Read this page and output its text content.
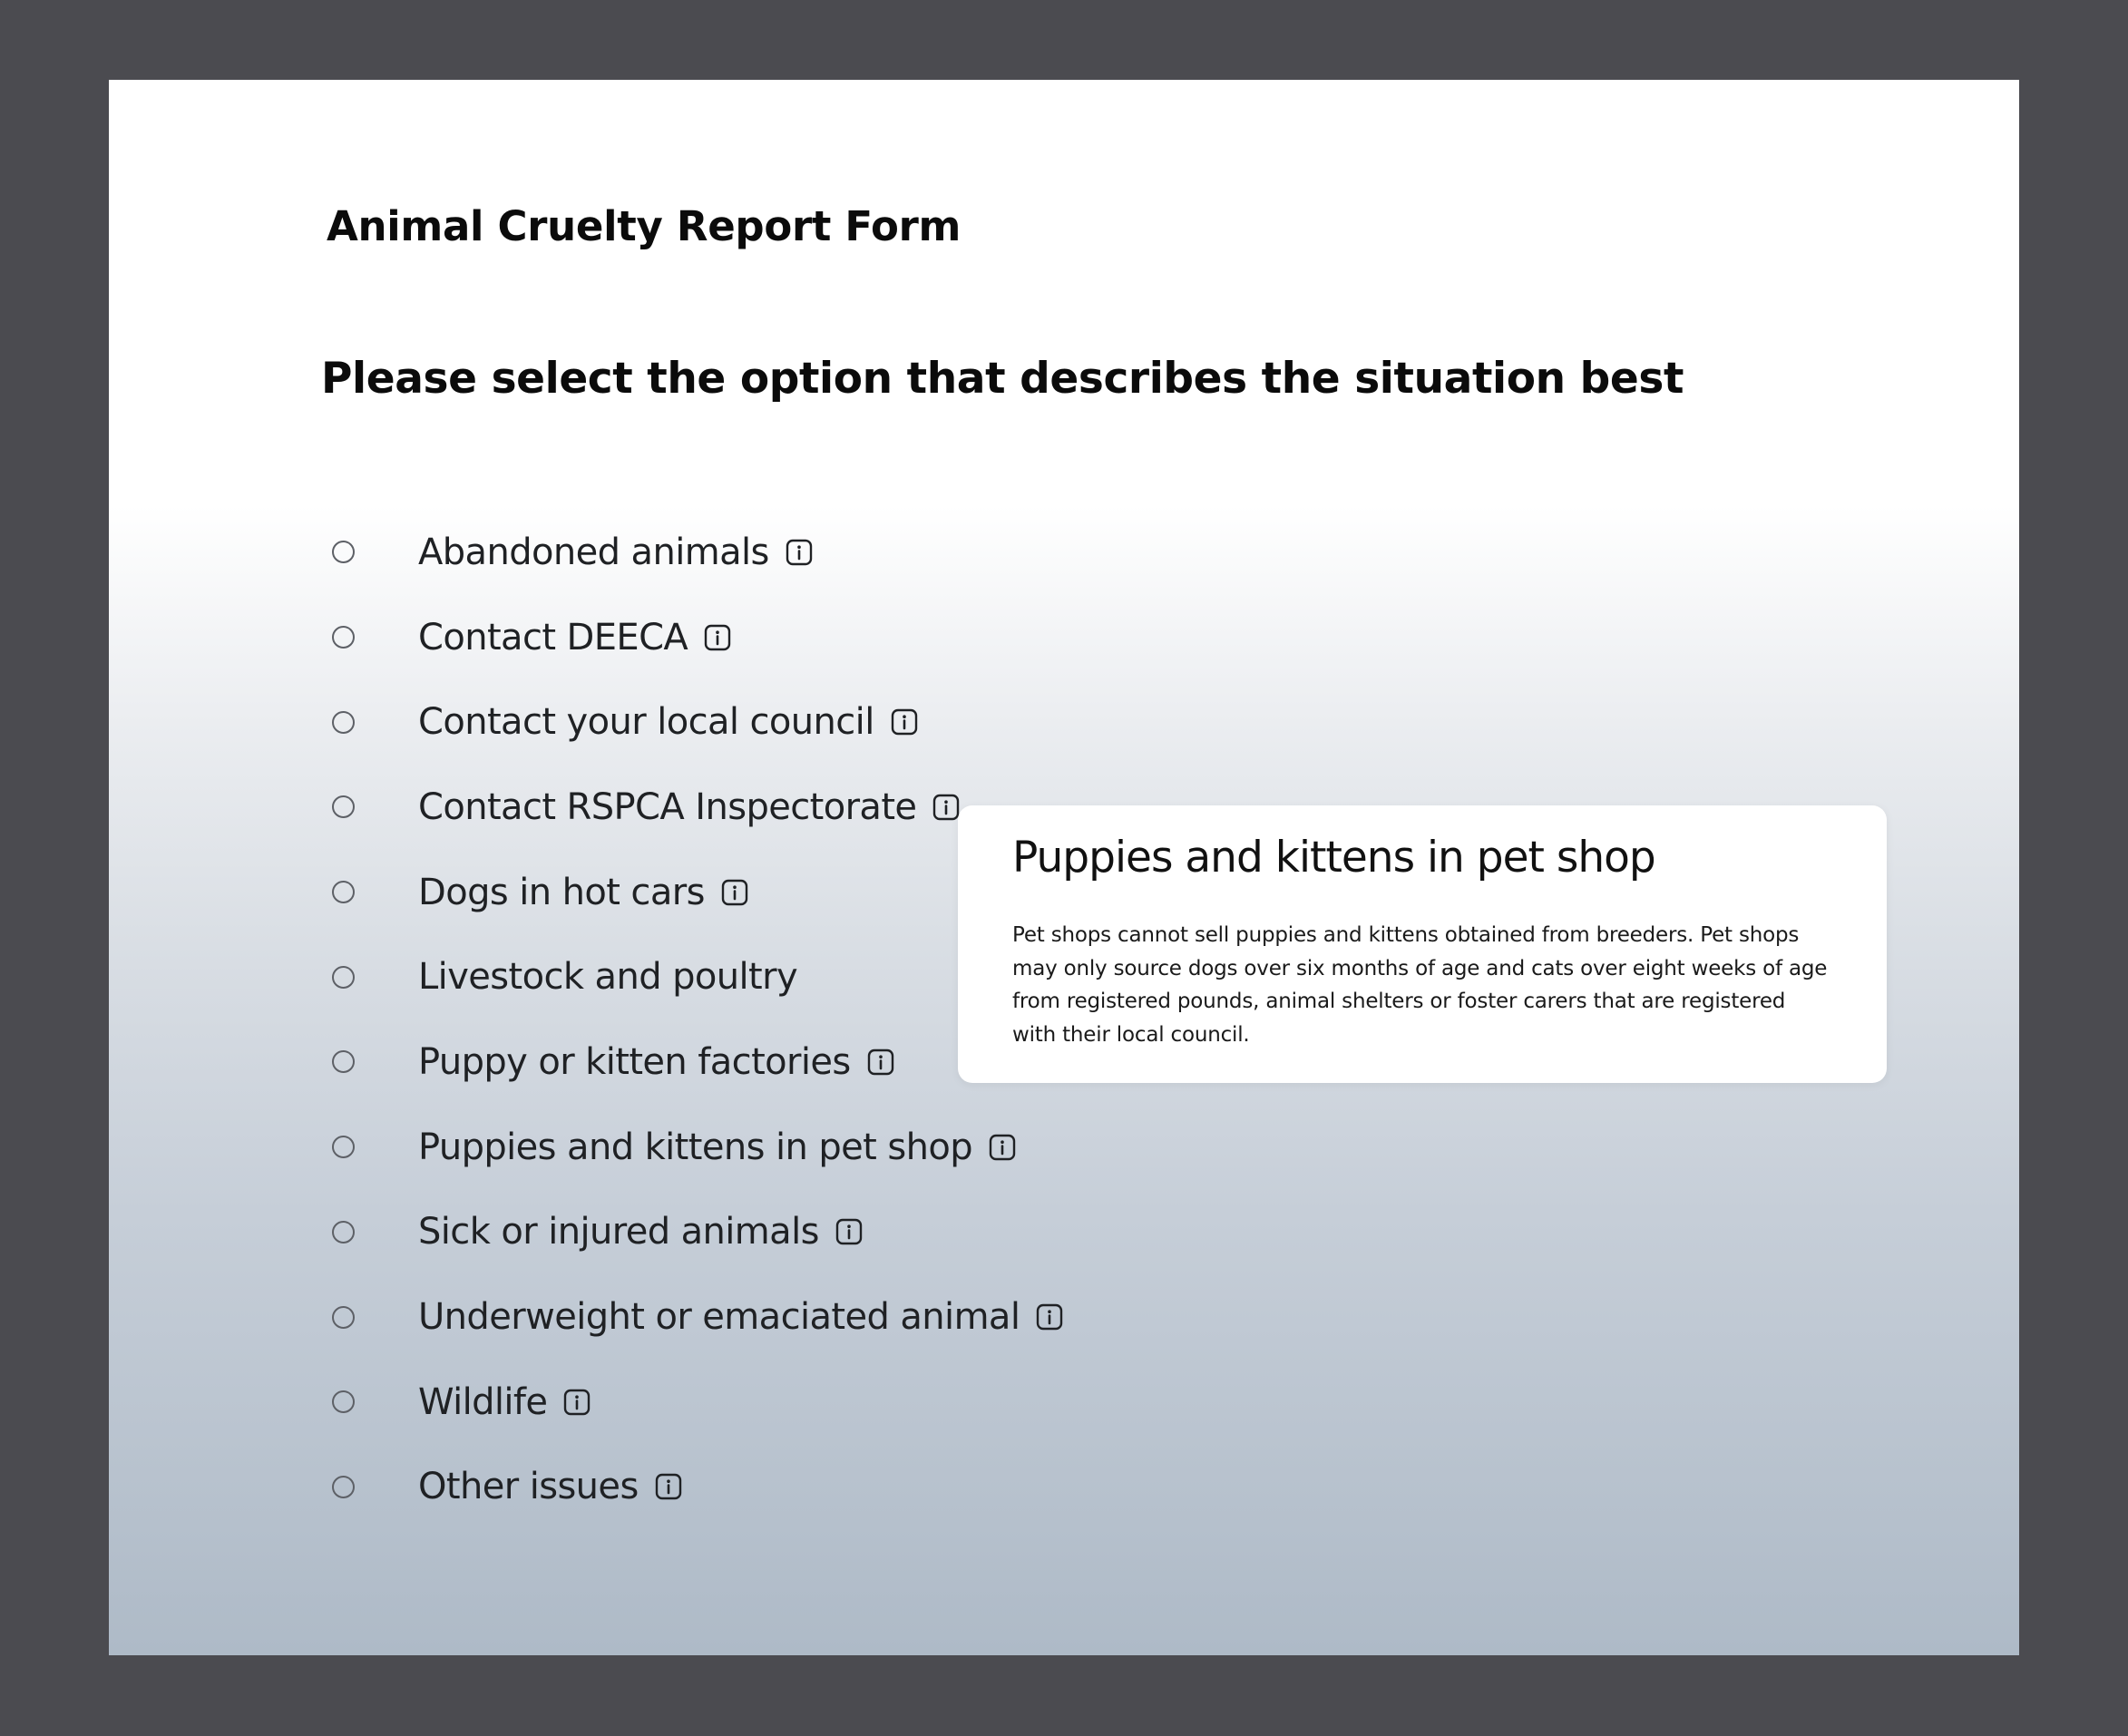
Animal Cruelty Report Form
Please select the option that describes the situation best
Abandoned animals
Contact DEECA
Contact your local council
Contact RSPCA Inspectorate
Dogs in hot cars
Livestock and poultry
Puppy or kitten factories
Puppies and kittens in pet shop
Sick or injured animals
Underweight or emaciated animal
Wildlife
Other issues
Puppies and kittens in pet shop

Pet shops cannot sell puppies and kittens obtained from breeders. Pet shops may only source dogs over six months of age and cats over eight weeks of age from registered pounds, animal shelters or foster carers that are registered with their local council.
